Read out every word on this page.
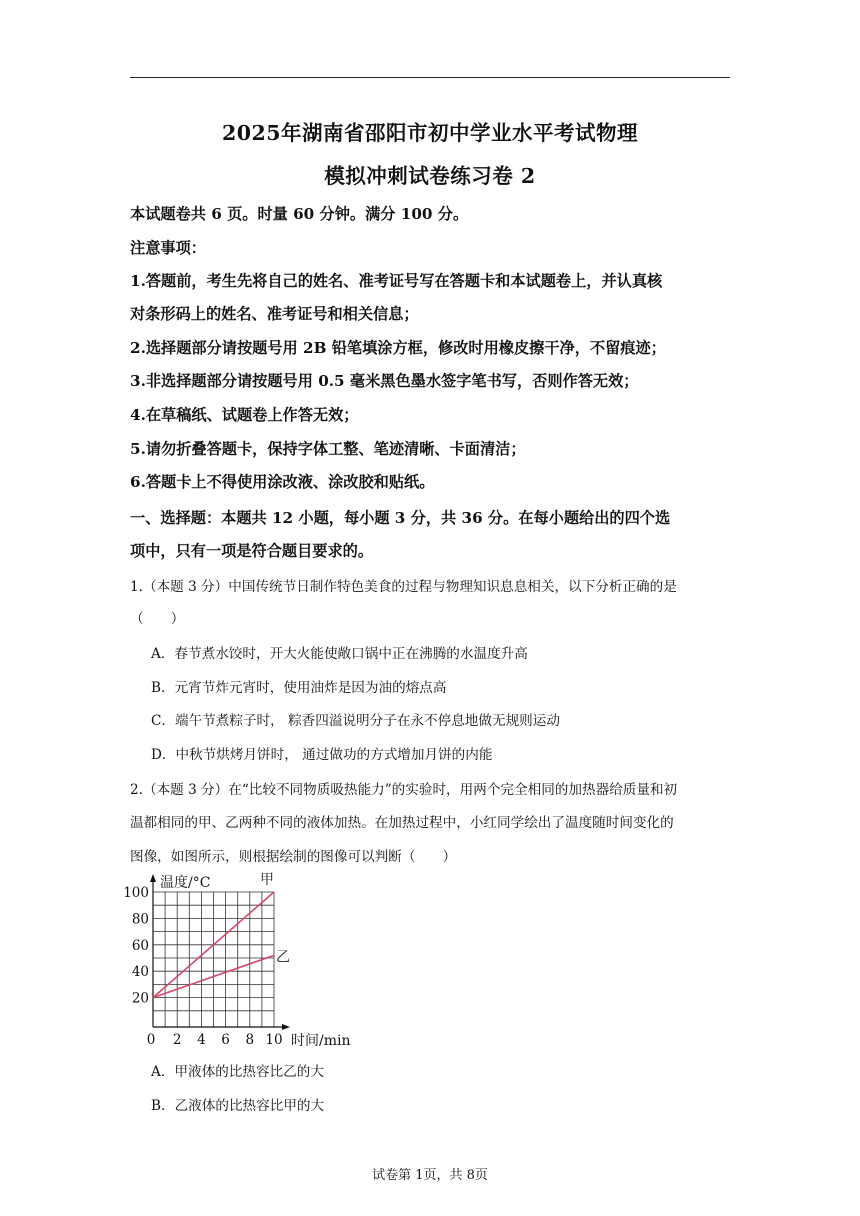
2025年湖南省邵阳市初中学业水平考试物理
模拟冲刺试卷练习卷 2
本试题卷共 6 页。时量 60 分钟。满分 100 分。
注意事项：
1.答题前，考生先将自己的姓名、准考证号写在答题卡和本试题卷上，并认真核
对条形码上的姓名、准考证号和相关信息；
2.选择题部分请按题号用 2B 铅笔填涂方框，修改时用橡皮擦干净，不留痕迹；
3.非选择题部分请按题号用 0.5 毫米黑色墨水签字笔书写，否则作答无效；
4.在草稿纸、试题卷上作答无效；
5.请勿折叠答题卡，保持字体工整、笔迹清晰、卡面清洁；
6.答题卡上不得使用涂改液、涂改胶和贴纸。
一、选择题：本题共 12 小题，每小题 3 分，共 36 分。在每小题给出的四个选
项中，只有一项是符合题目要求的。
1.（本题 3 分）中国传统节日制作特色美食的过程与物理知识息息相关，以下分析正确的是
（　　）
A．春节煮水饺时，开大火能使敞口锅中正在沸腾的水温度升高
B．元宵节炸元宵时，使用油炸是因为油的熔点高
C．端午节煮粽子时， 粽香四溢说明分子在永不停息地做无规则运动
D．中秋节烘烤月饼时， 通过做功的方式增加月饼的内能
2.（本题 3 分）在“比较不同物质吸热能力”的实验时，用两个完全相同的加热器给质量和初
温都相同的甲、乙两种不同的液体加热。在加热过程中，小红同学绘出了温度随时间变化的
图像，如图所示，则根据绘制的图像可以判断（　　）
甲
乙
20
40
60
80
100
0 2 4 6 8 10
温度/°C
时间/min
A．甲液体的比热容比乙的大
B．乙液体的比热容比甲的大
试卷第 1页，共 8页
